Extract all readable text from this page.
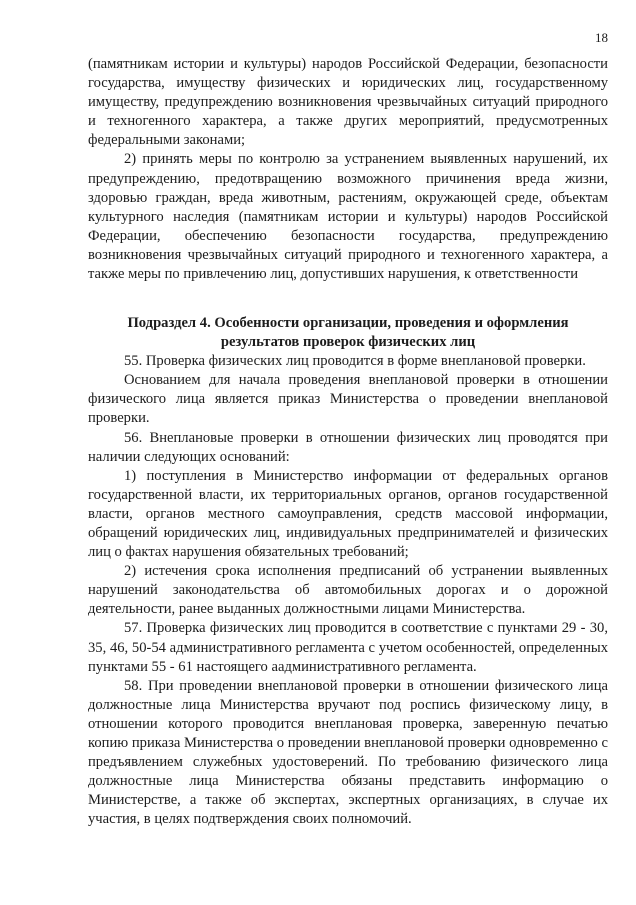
18

(памятникам истории и культуры) народов Российской Федерации, безопасности государства, имуществу физических и юридических лиц, государственному имуществу, предупреждению возникновения чрезвычайных ситуаций природного и техногенного характера, а также других мероприятий, предусмотренных федеральными законами;

2) принять меры по контролю за устранением выявленных нарушений, их предупреждению, предотвращению возможного причинения вреда жизни, здоровью граждан, вреда животным, растениям, окружающей среде, объектам культурного наследия (памятникам истории и культуры) народов Российской Федерации, обеспечению безопасности государства, предупреждению возникновения чрезвычайных ситуаций природного и техногенного характера, а также меры по привлечению лиц, допустивших нарушения, к ответственности

Подраздел 4. Особенности организации, проведения и оформления
результатов проверок физических лиц

55. Проверка физических лиц проводится в форме внеплановой проверки.

Основанием для начала проведения внеплановой проверки в отношении физического лица является приказ Министерства о проведении внеплановой проверки.

56. Внеплановые проверки в отношении физических лиц проводятся при наличии следующих оснований:

1) поступления в Министерство информации от федеральных органов государственной власти, их территориальных органов, органов государственной власти, органов местного самоуправления, средств массовой информации, обращений юридических лиц, индивидуальных предпринимателей и физических лиц о фактах нарушения обязательных требований;

2) истечения срока исполнения предписаний об устранении выявленных нарушений законодательства об автомобильных дорогах и о дорожной деятельности, ранее выданных должностными лицами Министерства.

57. Проверка физических лиц проводится в соответствие с пунктами 29 - 30, 35, 46, 50-54 административного регламента с учетом особенностей, определенных пунктами 55 - 61 настоящего аадминистративного регламента.

58. При проведении внеплановой проверки в отношении физического лица должностные лица Министерства вручают под роспись физическому лицу, в отношении которого проводится внеплановая проверка, заверенную печатью копию приказа Министерства о проведении внеплановой проверки одновременно с предъявлением служебных удостоверений. По требованию физического лица должностные лица Министерства обязаны представить информацию о Министерстве, а также об экспертах, экспертных организациях, в случае их участия, в целях подтверждения своих полномочий.
